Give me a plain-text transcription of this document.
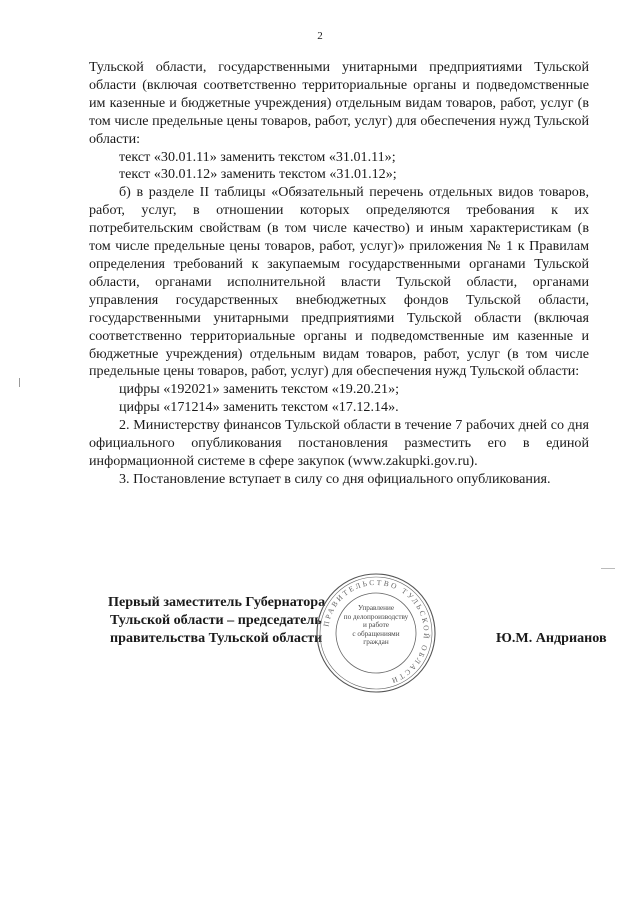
2

Тульской области, государственными унитарными предприятиями Тульской области (включая соответственно территориальные органы и подведомственные им казенные и бюджетные учреждения) отдельным видам товаров, работ, услуг (в том числе предельные цены товаров, работ, услуг) для обеспечения нужд Тульской области:

текст «30.01.11» заменить текстом «31.01.11»;

текст «30.01.12» заменить текстом «31.01.12»;

б) в разделе II таблицы «Обязательный перечень отдельных видов товаров, работ, услуг, в отношении которых определяются требования к их потребительским свойствам (в том числе качество) и иным характеристикам (в том числе предельные цены товаров, работ, услуг)» приложения № 1 к Правилам определения требований к закупаемым государственными органами Тульской области, органами исполнительной власти Тульской области, органами управления государственных внебюджетных фондов Тульской области, государственными унитарными предприятиями Тульской области (включая соответственно территориальные органы и подведомственные им казенные и бюджетные учреждения) отдельным видам товаров, работ, услуг (в том числе предельные цены товаров, работ, услуг) для обеспечения нужд Тульской области:

цифры «192021» заменить текстом «19.20.21»;

цифры «171214» заменить текстом «17.12.14».

2. Министерству финансов Тульской области в течение 7 рабочих дней со дня официального опубликования постановления разместить его в единой информационной системе в сфере закупок (www.zakupki.gov.ru).

3. Постановление вступает в силу со дня официального опубликования.

Первый заместитель Губернатора
Тульской области – председатель
правительства Тульской области	Ю.М. Андрианов
ПРАВИТЕЛЬСТВО ТУЛЬСКОЙ ОБЛАСТИ
Управление
по делопроизводству
и работе
с обращениями
граждан
